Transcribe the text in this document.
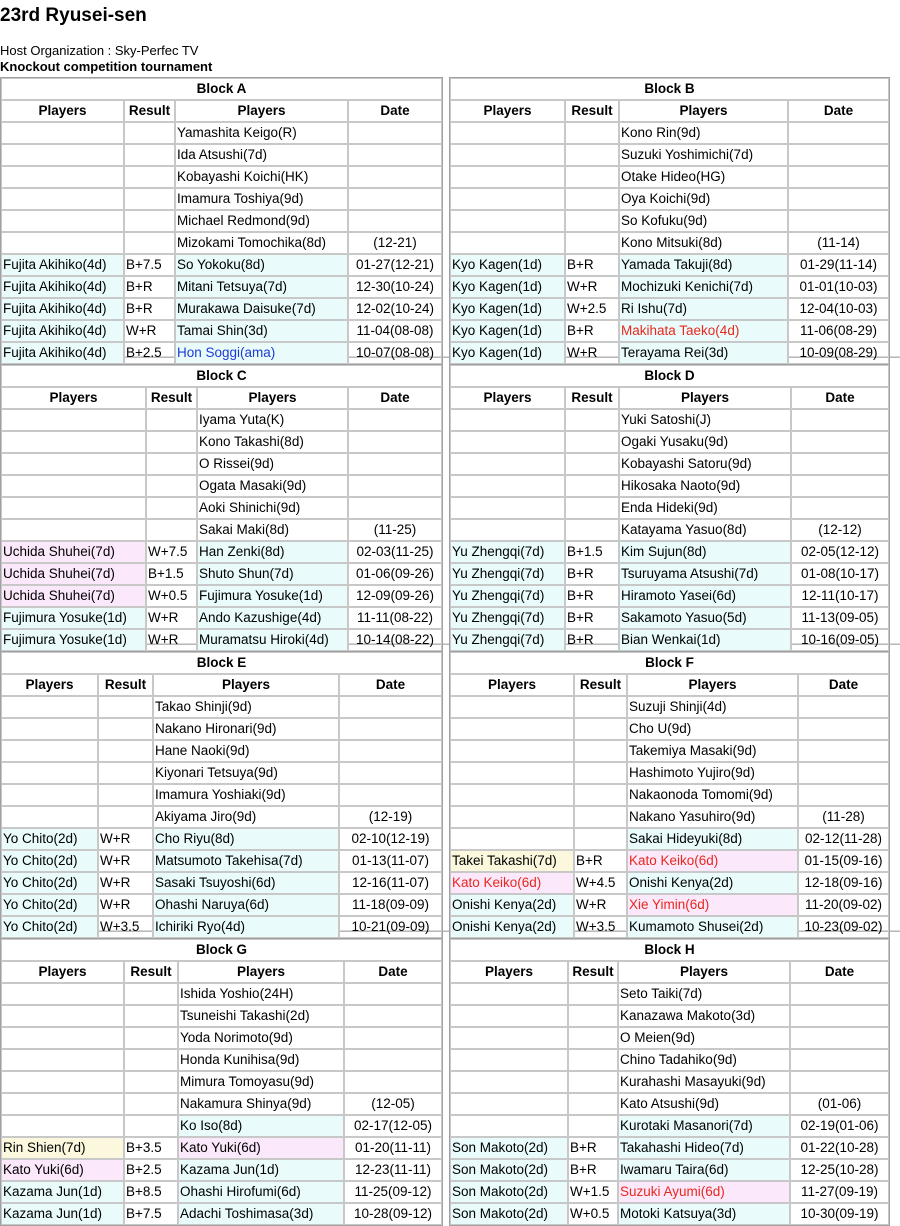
23rd Ryusei-sen
Host Organization : Sky-Perfec TV
Knockout competition tournament
Block A			
Players	Result	Players	Date
		Yamashita Keigo(R)	
		Ida Atsushi(7d)	
		Kobayashi Koichi(HK)	
		Imamura Toshiya(9d)	
		Michael Redmond(9d)	
		Mizokami Tomochika(8d)	(12-21)
Fujita Akihiko(4d)	B+7.5	So Yokoku(8d)	01-27(12-21)
Fujita Akihiko(4d)	B+R	Mitani Tetsuya(7d)	12-30(10-24)
Fujita Akihiko(4d)	B+R	Murakawa Daisuke(7d)	12-02(10-24)
Fujita Akihiko(4d)	W+R	Tamai Shin(3d)	11-04(08-08)
Fujita Akihiko(4d)	B+2.5	Hon Soggi(ama)	10-07(08-08)
Block B			
Players	Result	Players	Date
		Kono Rin(9d)	
		Suzuki Yoshimichi(7d)	
		Otake Hideo(HG)	
		Oya Koichi(9d)	
		So Kofuku(9d)	
		Kono Mitsuki(8d)	(11-14)
Kyo Kagen(1d)	B+R	Yamada Takuji(8d)	01-29(11-14)
Kyo Kagen(1d)	W+R	Mochizuki Kenichi(7d)	01-01(10-03)
Kyo Kagen(1d)	W+2.5	Ri Ishu(7d)	12-04(10-03)
Kyo Kagen(1d)	B+R	Makihata Taeko(4d)	11-06(08-29)
Kyo Kagen(1d)	W+R	Terayama Rei(3d)	10-09(08-29)
Block C			
Players	Result	Players	Date
		Iyama Yuta(K)	
		Kono Takashi(8d)	
		O Rissei(9d)	
		Ogata Masaki(9d)	
		Aoki Shinichi(9d)	
		Sakai Maki(8d)	(11-25)
Uchida Shuhei(7d)	W+7.5	Han Zenki(8d)	02-03(11-25)
Uchida Shuhei(7d)	B+1.5	Shuto Shun(7d)	01-06(09-26)
Uchida Shuhei(7d)	W+0.5	Fujimura Yosuke(1d)	12-09(09-26)
Fujimura Yosuke(1d)	W+R	Ando Kazushige(4d)	11-11(08-22)
Fujimura Yosuke(1d)	W+R	Muramatsu Hiroki(4d)	10-14(08-22)
Block D			
Players	Result	Players	Date
		Yuki Satoshi(J)	
		Ogaki Yusaku(9d)	
		Kobayashi Satoru(9d)	
		Hikosaka Naoto(9d)	
		Enda Hideki(9d)	
		Katayama Yasuo(8d)	(12-12)
Yu Zhengqi(7d)	B+1.5	Kim Sujun(8d)	02-05(12-12)
Yu Zhengqi(7d)	B+R	Tsuruyama Atsushi(7d)	01-08(10-17)
Yu Zhengqi(7d)	B+R	Hiramoto Yasei(6d)	12-11(10-17)
Yu Zhengqi(7d)	B+R	Sakamoto Yasuo(5d)	11-13(09-05)
Yu Zhengqi(7d)	B+R	Bian Wenkai(1d)	10-16(09-05)
Block E			
Players	Result	Players	Date
		Takao Shinji(9d)	
		Nakano Hironari(9d)	
		Hane Naoki(9d)	
		Kiyonari Tetsuya(9d)	
		Imamura Yoshiaki(9d)	
		Akiyama Jiro(9d)	(12-19)
Yo Chito(2d)	W+R	Cho Riyu(8d)	02-10(12-19)
Yo Chito(2d)	W+R	Matsumoto Takehisa(7d)	01-13(11-07)
Yo Chito(2d)	W+R	Sasaki Tsuyoshi(6d)	12-16(11-07)
Yo Chito(2d)	W+R	Ohashi Naruya(6d)	11-18(09-09)
Yo Chito(2d)	W+3.5	Ichiriki Ryo(4d)	10-21(09-09)
Block F			
Players	Result	Players	Date
		Suzuji Shinji(4d)	
		Cho U(9d)	
		Takemiya Masaki(9d)	
		Hashimoto Yujiro(9d)	
		Nakaonoda Tomomi(9d)	
		Nakano Yasuhiro(9d)	(11-28)
		Sakai Hideyuki(8d)	02-12(11-28)
Takei Takashi(7d)	B+R	Kato Keiko(6d)	01-15(09-16)
Kato Keiko(6d)	W+4.5	Onishi Kenya(2d)	12-18(09-16)
Onishi Kenya(2d)	W+R	Xie Yimin(6d)	11-20(09-02)
Onishi Kenya(2d)	W+3.5	Kumamoto Shusei(2d)	10-23(09-02)
Block G			
Players	Result	Players	Date
		Ishida Yoshio(24H)	
		Tsuneishi Takashi(2d)	
		Yoda Norimoto(9d)	
		Honda Kunihisa(9d)	
		Mimura Tomoyasu(9d)	
		Nakamura Shinya(9d)	(12-05)
		Ko Iso(8d)	02-17(12-05)
Rin Shien(7d)	B+3.5	Kato Yuki(6d)	01-20(11-11)
Kato Yuki(6d)	B+2.5	Kazama Jun(1d)	12-23(11-11)
Kazama Jun(1d)	B+8.5	Ohashi Hirofumi(6d)	11-25(09-12)
Kazama Jun(1d)	B+7.5	Adachi Toshimasa(3d)	10-28(09-12)
Block H			
Players	Result	Players	Date
		Seto Taiki(7d)	
		Kanazawa Makoto(3d)	
		O Meien(9d)	
		Chino Tadahiko(9d)	
		Kurahashi Masayuki(9d)	
		Kato Atsushi(9d)	(01-06)
		Kurotaki Masanori(7d)	02-19(01-06)
Son Makoto(2d)	B+R	Takahashi Hideo(7d)	01-22(10-28)
Son Makoto(2d)	B+R	Iwamaru Taira(6d)	12-25(10-28)
Son Makoto(2d)	W+1.5	Suzuki Ayumi(6d)	11-27(09-19)
Son Makoto(2d)	W+0.5	Motoki Katsuya(3d)	10-30(09-19)
